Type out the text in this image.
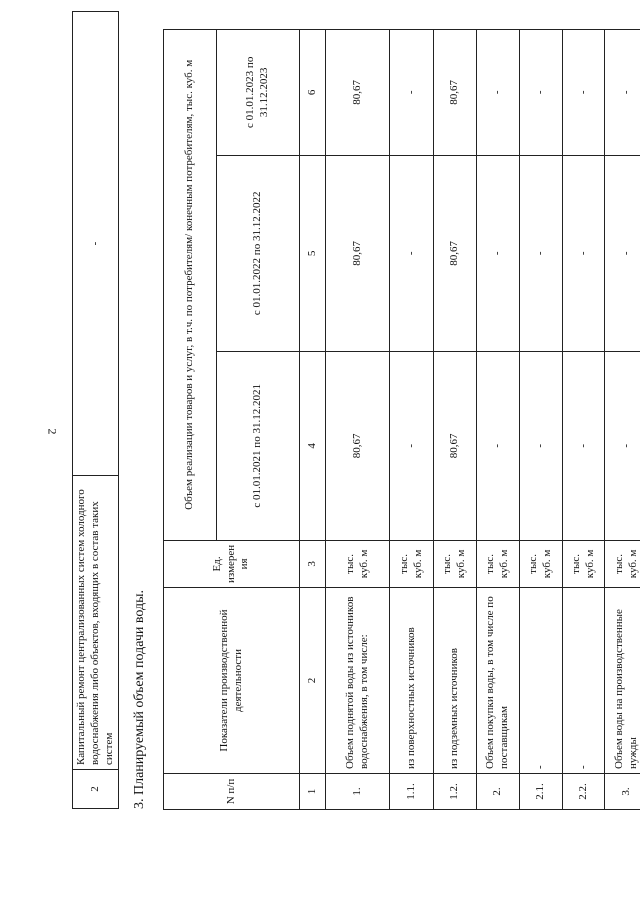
2
2	Капитальный ремонт централизованных систем холодного водоснабжения либо объектов, входящих в состав таких систем	-
3. Планируемый объем подачи воды.	N п/п	Показатели производственной деятельности	Ед. измерен ия	Объем реализации товаров и услуг, в т.ч. по потребителям/ конечным потребителям, тыс. куб. м		
			с 01.01.2021 по 31.12.2021	с 01.01.2022 по 31.12.2022	с 01.01.2023 по 31.12.2023
1	2	3	4	5	6
1.	Объем поднятой воды из источников водоснабжения, в том числе:	тыс. куб. м	80,67	80,67	80,67
1.1.	из поверхностных источников	тыс. куб. м	-	-	-
1.2.	из подземных источников	тыс. куб. м	80,67	80,67	80,67
2.	Объем покупки воды, в том числе по поставщикам	тыс. куб. м	-	-	-
2.1.	-	тыс. куб. м	-	-	-
2.2.	-	тыс. куб. м	-	-	-
3.	Объем воды на производственные нужды	тыс. куб. м	-	-	-
